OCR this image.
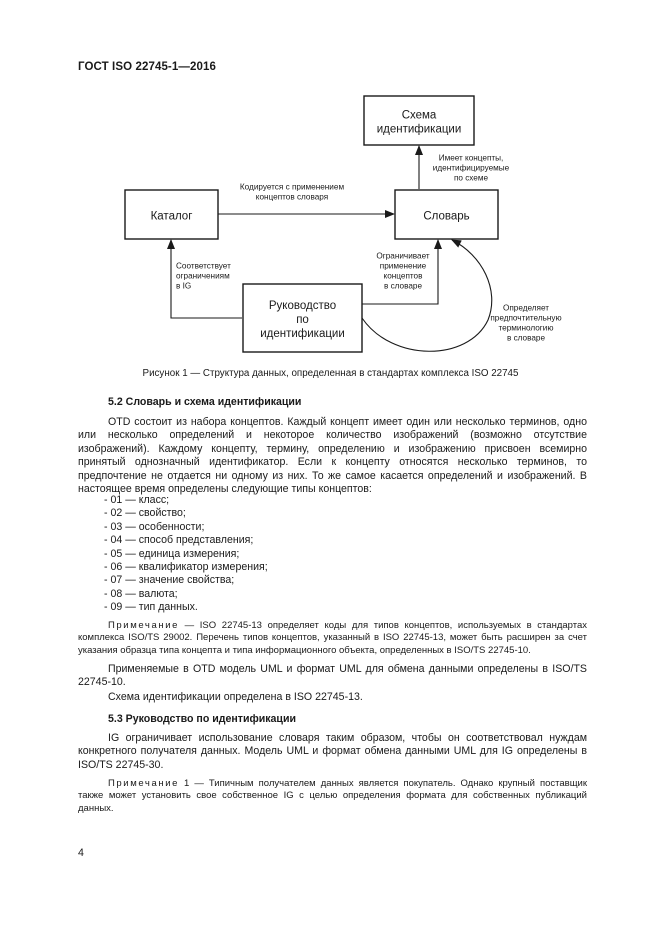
ГОСТ ISO 22745-1—2016
Схема идентификации
Каталог	Словарь
Руководство по идентификации
Кодируется с применением концептов словаря
Имеет концепты, идентифицируемые по схеме
Соответствует ограничениям в IG
Ограничивает применение концептов в словаре
Определяет предпочтительную терминологию в словаре
Рисунок 1 — Структура данных, определенная в стандартах комплекса ISO 22745
5.2 Словарь и схема идентификации
OTD состоит из набора концептов. Каждый концепт имеет один или несколько терминов, одно или несколько определений и некоторое количество изображений (возможно отсутствие изображений). Каждому концепту, термину, определению и изображению присвоен всемирно принятый однозначный идентификатор. Если к концепту относятся несколько терминов, то предпочтение не отдается ни одному из них. То же самое касается определений и изображений. В настоящее время определены следующие типы концептов:
- 01 — класс;
- 02 — свойство;
- 03 — особенности;
- 04 — способ представления;
- 05 — единица измерения;
- 06 — квалификатор измерения;
- 07 — значение свойства;
- 08 — валюта;
- 09 — тип данных.
Примечание — ISO 22745-13 определяет коды для типов концептов, используемых в стандартах комплекса ISO/TS 29002. Перечень типов концептов, указанный в ISO 22745-13, может быть расширен за счет указания образца типа концепта и типа информационного объекта, определенных в ISO/TS 22745-10.
Применяемые в OTD модель UML и формат UML для обмена данными определены в ISO/TS 22745-10.
Схема идентификации определена в ISO 22745-13.
5.3 Руководство по идентификации
IG ограничивает использование словаря таким образом, чтобы он соответствовал нуждам конкретного получателя данных. Модель UML и формат обмена данными UML для IG определены в ISO/TS 22745-30.
Примечание 1 — Типичным получателем данных является покупатель. Однако крупный поставщик также может установить свое собственное IG с целью определения формата для собственных публикаций данных.
4
